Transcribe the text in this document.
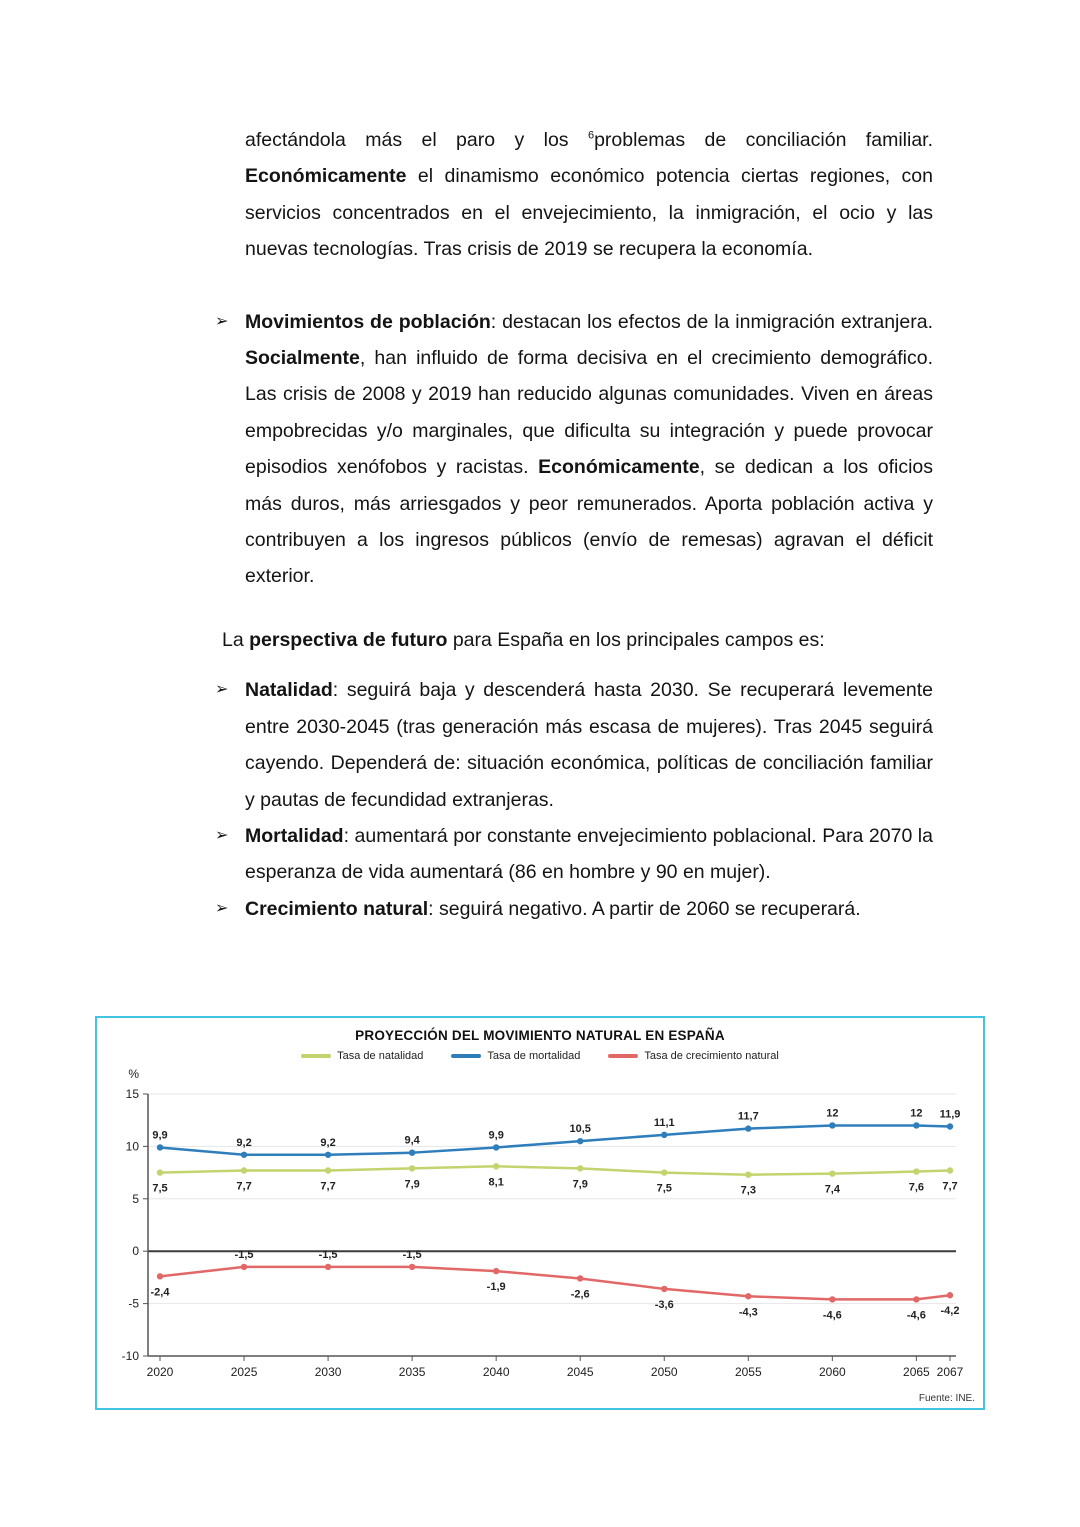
afectándola más el paro y los $^6$problemas de conciliación familiar. Económicamente el dinamismo económico potencia ciertas regiones, con servicios concentrados en el envejecimiento, la inmigración, el ocio y las nuevas tecnologías. Tras crisis de 2019 se recupera la economía.

➢ Movimientos de población: destacan los efectos de la inmigración extranjera. Socialmente, han influido de forma decisiva en el crecimiento demográfico. Las crisis de 2008 y 2019 han reducido algunas comunidades. Viven en áreas empobrecidas y/o marginales, que dificulta su integración y puede provocar episodios xenófobos y racistas. Económicamente, se dedican a los oficios más duros, más arriesgados y peor remunerados. Aporta población activa y contribuyen a los ingresos públicos (envío de remesas) agravan el déficit exterior.

La perspectiva de futuro para España en los principales campos es:

➢ Natalidad: seguirá baja y descenderá hasta 2030. Se recuperará levemente entre 2030-2045 (tras generación más escasa de mujeres). Tras 2045 seguirá cayendo. Dependerá de: situación económica, políticas de conciliación familiar y pautas de fecundidad extranjeras.
➢ Mortalidad: aumentará por constante envejecimiento poblacional. Para 2070 la esperanza de vida aumentará (86 en hombre y 90 en mujer).
➢ Crecimiento natural: seguirá negativo. A partir de 2060 se recuperará.
PROYECCIÓN DEL MOVIMIENTO NATURAL EN ESPAÑA
Tasa de natalidad	Tasa de mortalidad	Tasa de crecimiento natural
15
10
5
0
-5
-10
%
2020	2025	2030	2035	2040	2045	2050	2055	2060	2065 2067
7,5	7,7	7,7	7,9	8,1	7,9	7,5	7,3	7,4	7,6 7,7
9,9
9,2	9,2	9,4	9,9
10,5
11,1
11,7	12	12 11,9
-2,4
-1,5	-1,5	-1,5
-1,9
-2,6
-3,6
-4,3	-4,6	-4,6 -4,2
Fuente: INE.
